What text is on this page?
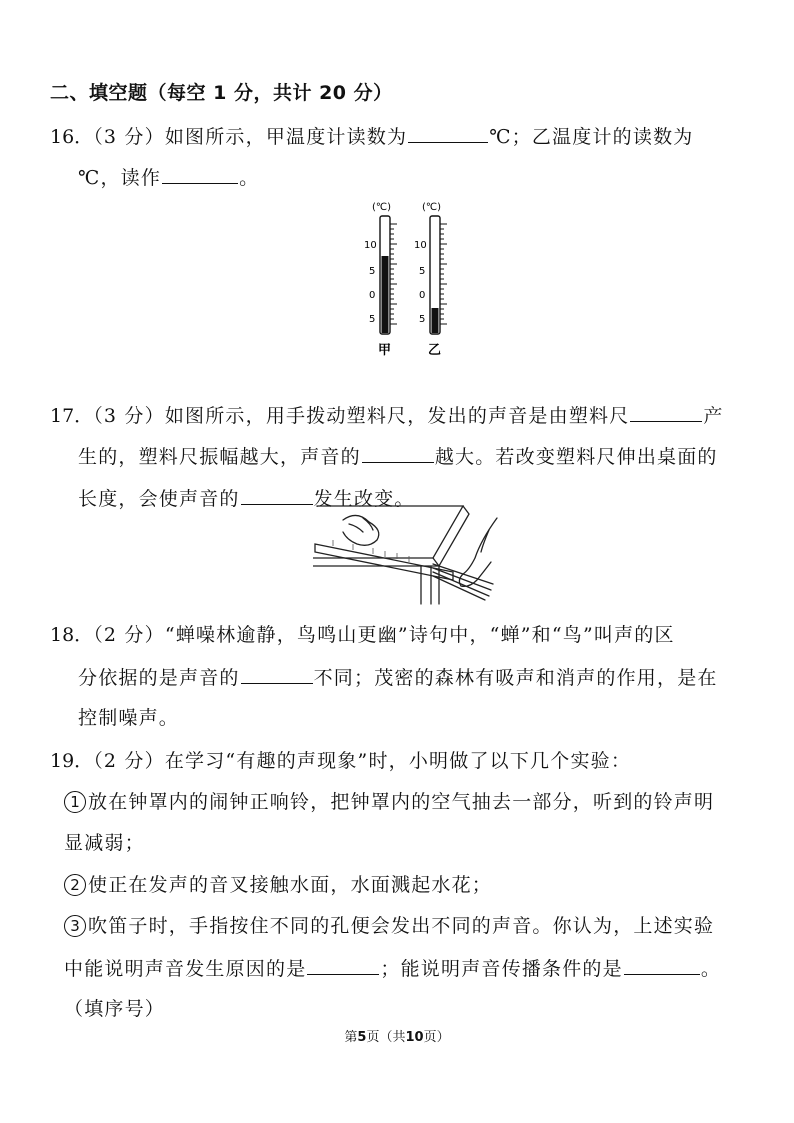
二、填空题（每空 1 分，共计 20 分）
16．（3 分）如图所示，甲温度计读数为	℃；乙温度计的读数为
℃，读作	。
(℃)	(℃)
10
5
0
5
10
5
0
5
甲	乙
17．（3 分）如图所示，用手拨动塑料尺，发出的声音是由塑料尺	产
生的，塑料尺振幅越大，声音的	越大。若改变塑料尺伸出桌面的
长度，会使声音的	发生改变。
18．（2 分）“蝉噪林逾静，鸟鸣山更幽”诗句中，“蝉”和“鸟”叫声的区
分依据的是声音的	不同；茂密的森林有吸声和消声的作用，是在
控制噪声。
19．（2 分）在学习“有趣的声现象”时，小明做了以下几个实验：
1 放在钟罩内的闹钟正响铃，把钟罩内的空气抽去一部分，听到的铃声明
显减弱；
2 使正在发声的音叉接触水面，水面溅起水花；
3 吹笛子时，手指按住不同的孔便会发出不同的声音。你认为，上述实验
中能说明声音发生原因的是	；能说明声音传播条件的是	。
（填序号）
第5页（共10页）
